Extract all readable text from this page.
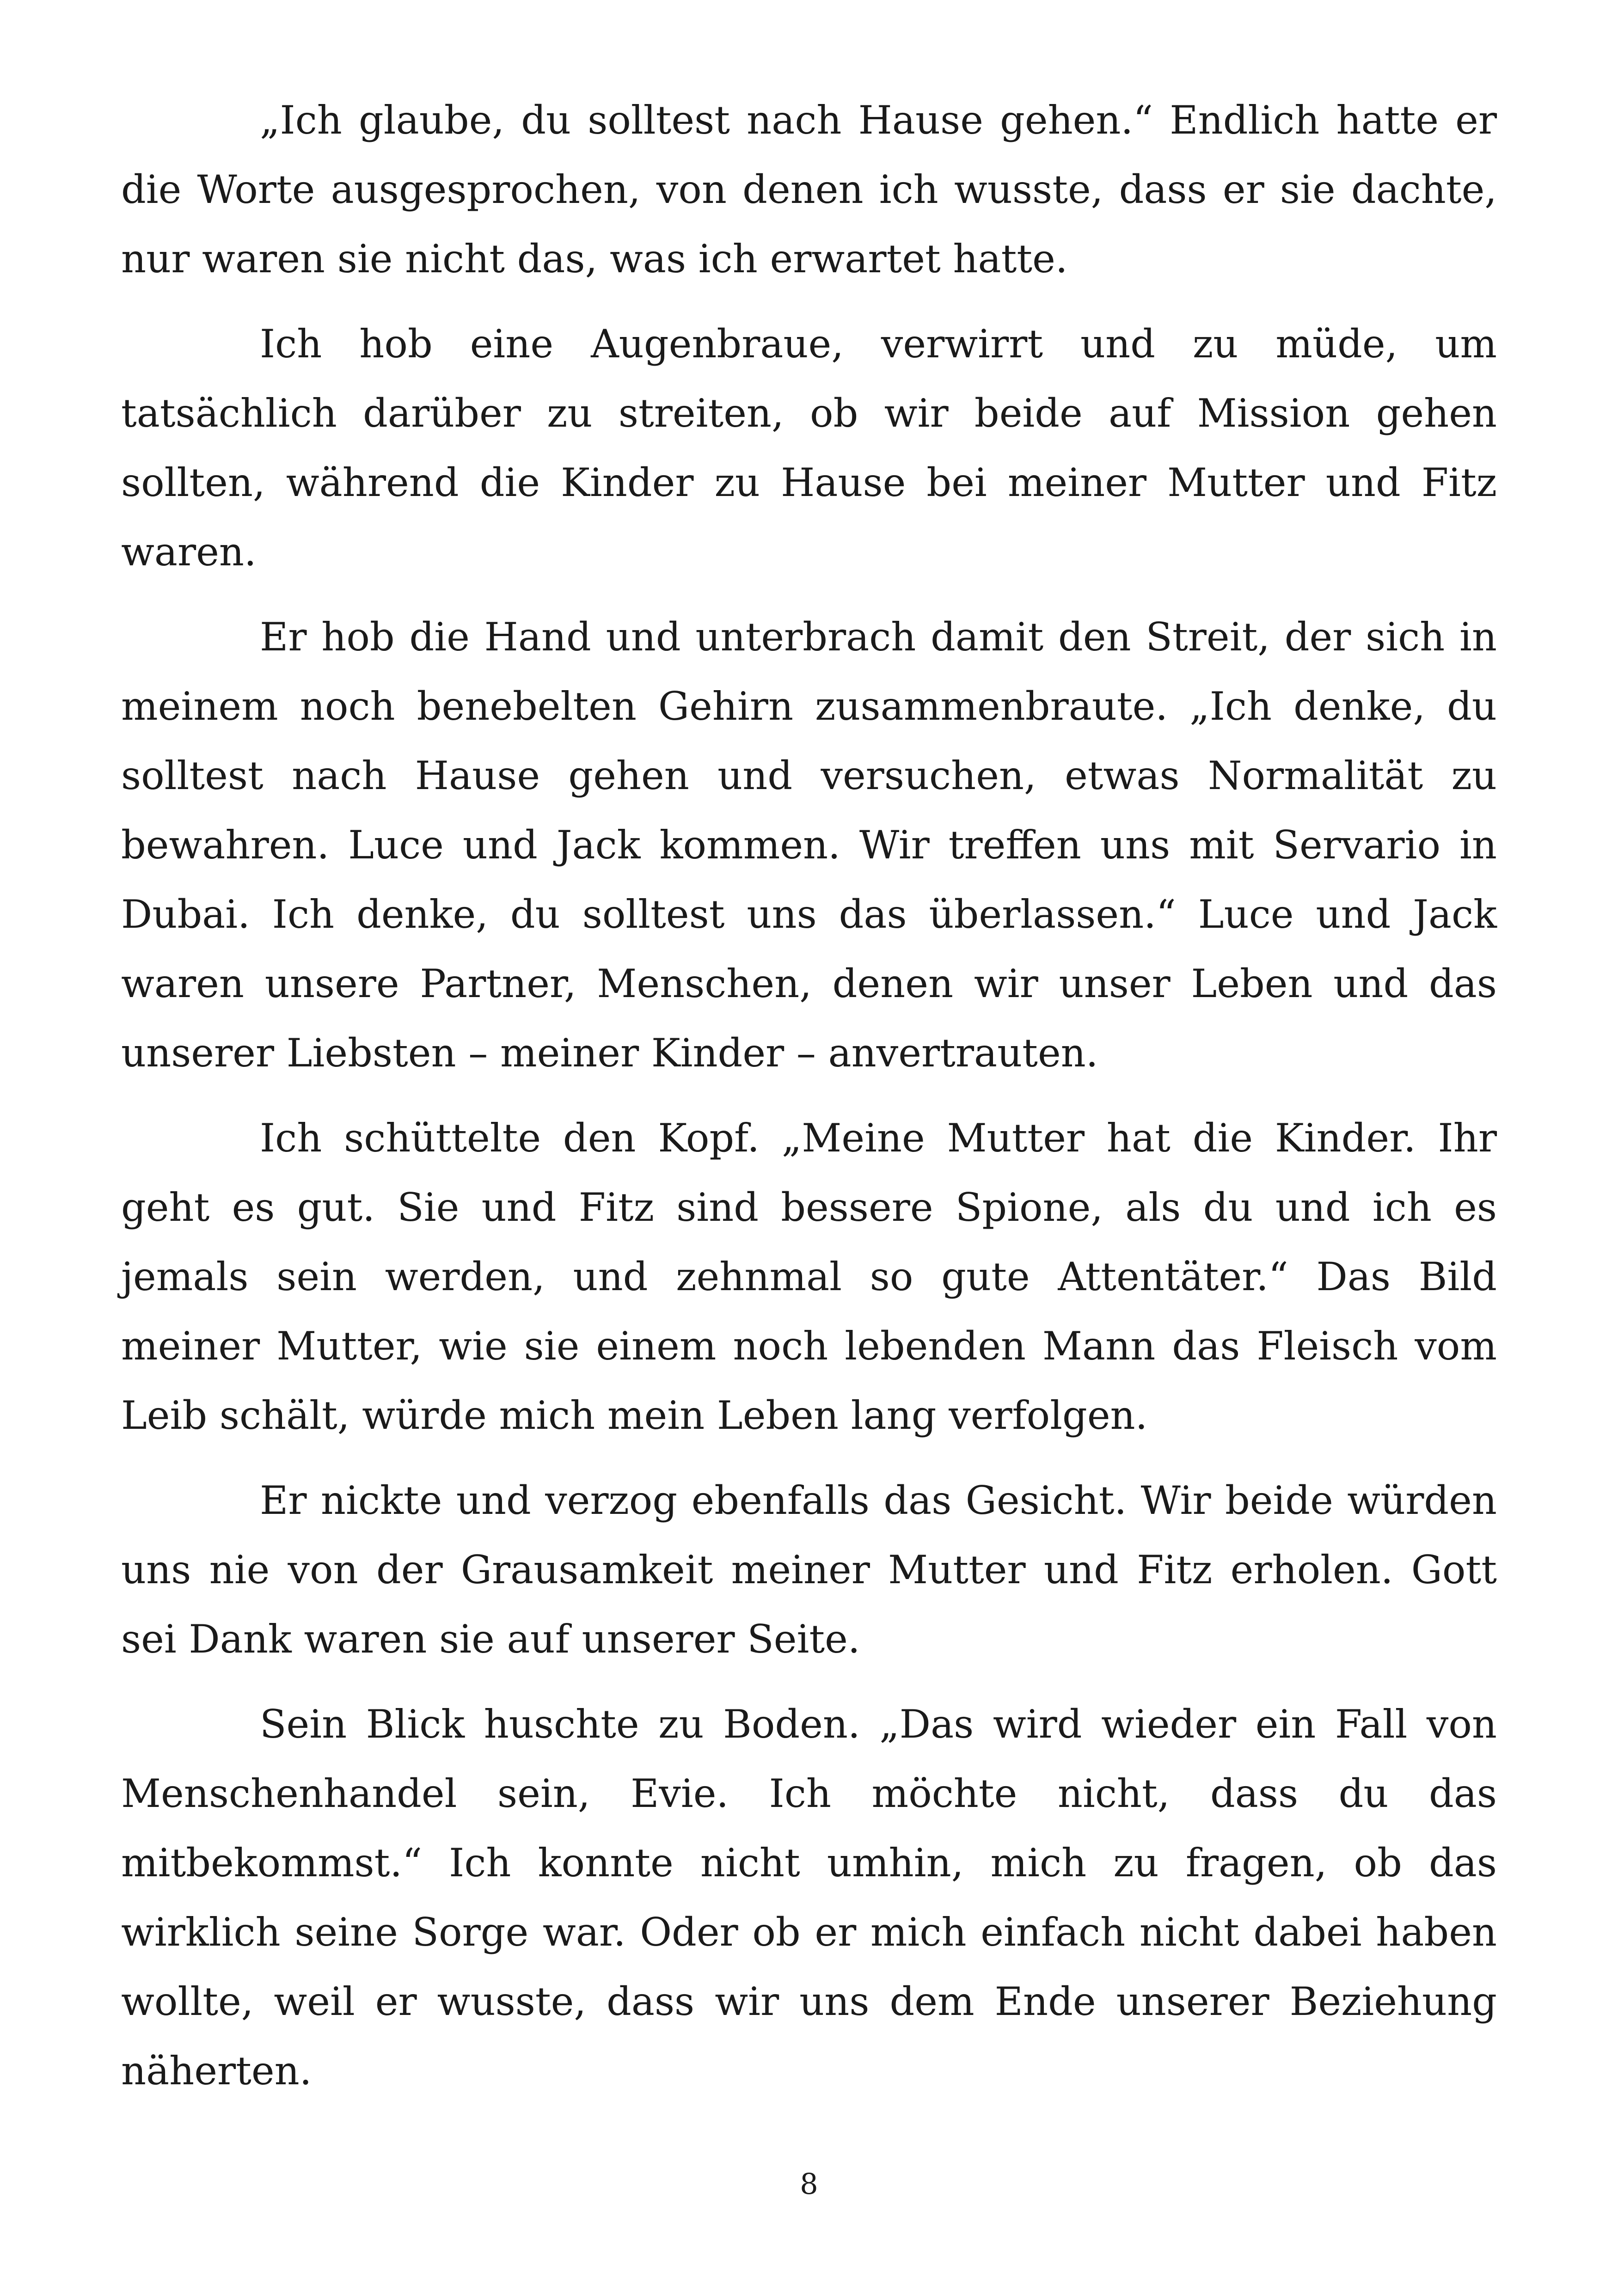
„Ich glaube, du solltest nach Hause gehen.“ Endlich hatte er die Worte ausgesprochen, von denen ich wusste, dass er sie dachte, nur waren sie nicht das, was ich erwartet hatte.

Ich hob eine Augenbraue, verwirrt und zu müde, um tatsächlich darüber zu streiten, ob wir beide auf Mission gehen sollten, während die Kinder zu Hause bei meiner Mutter und Fitz waren.

Er hob die Hand und unterbrach damit den Streit, der sich in meinem noch benebelten Gehirn zusammenbraute. „Ich denke, du solltest nach Hause gehen und versuchen, etwas Normalität zu bewahren. Luce und Jack kommen. Wir treffen uns mit Servario in Dubai. Ich denke, du solltest uns das überlassen.“ Luce und Jack waren unsere Partner, Menschen, denen wir unser Leben und das unserer Liebsten – meiner Kinder – anvertrauten.

Ich schüttelte den Kopf. „Meine Mutter hat die Kinder. Ihr geht es gut. Sie und Fitz sind bessere Spione, als du und ich es jemals sein werden, und zehnmal so gute Attentäter.“ Das Bild meiner Mutter, wie sie einem noch lebenden Mann das Fleisch vom Leib schält, würde mich mein Leben lang verfolgen.

Er nickte und verzog ebenfalls das Gesicht. Wir beide würden uns nie von der Grausamkeit meiner Mutter und Fitz erholen. Gott sei Dank waren sie auf unserer Seite.

Sein Blick huschte zu Boden. „Das wird wieder ein Fall von Menschenhandel sein, Evie. Ich möchte nicht, dass du das mitbekommst.“ Ich konnte nicht umhin, mich zu fragen, ob das wirklich seine Sorge war. Oder ob er mich einfach nicht dabei haben wollte, weil er wusste, dass wir uns dem Ende unserer Beziehung näherten.

8
